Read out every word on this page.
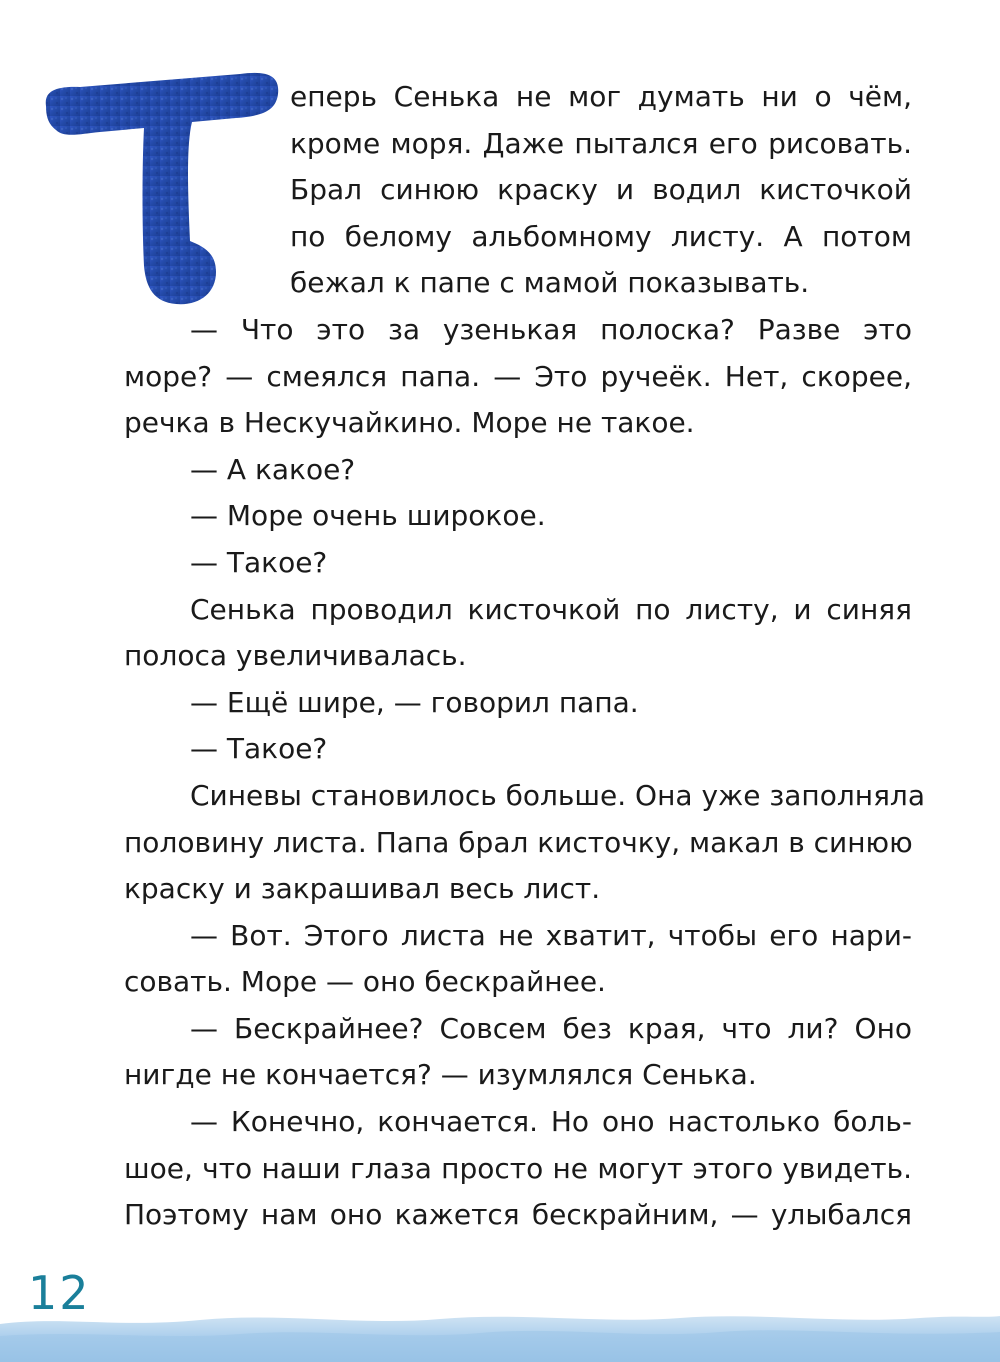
еперь Сенька не мог думать ни о чём,
кроме моря. Даже пытался его рисовать.
Брал синюю краску и водил кисточкой
по белому альбомному листу. А потом
бежал к папе с мамой показывать.
— Что это за узенькая полоска? Разве это
море? — смеялся папа. — Это ручеёк. Нет, скорее,
речка в Нескучайкино. Море не такое.
— А какое?
— Море очень широкое.
— Такое?
Сенька проводил кисточкой по листу, и синяя
полоса увеличивалась.
— Ещё шире, — говорил папа.
— Такое?
Синевы становилось больше. Она уже заполняла
половину листа. Папа брал кисточку, макал в синюю
краску и закрашивал весь лист.
— Вот. Этого листа не хватит, чтобы его нари-
совать. Море — оно бескрайнее.
— Бескрайнее? Совсем без края, что ли? Оно
нигде не кончается? — изумлялся Сенька.
— Конечно, кончается. Но оно настолько боль-
шое, что наши глаза просто не могут этого увидеть.
Поэтому нам оно кажется бескрайним, — улыбался
12
